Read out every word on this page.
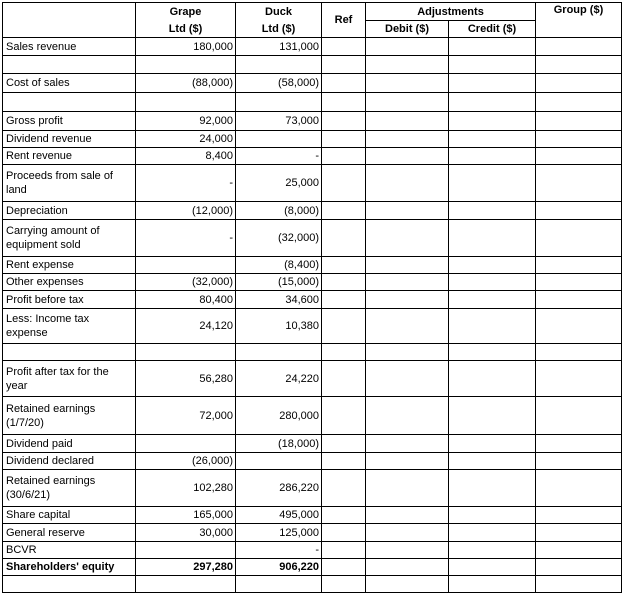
	Grape	Duck	Ref	Adjustments		Group ($)
	Ltd ($)	Ltd ($)		Debit ($)	Credit ($)	
Sales revenue	180,000	131,000				

Cost of sales	(88,000)	(58,000)				

Gross profit	92,000	73,000				
Dividend revenue	24,000					
Rent revenue	8,400	-				
Proceeds from sale of land	-	25,000				
Depreciation	(12,000)	(8,000)				
Carrying amount of equipment sold	-	(32,000)				
Rent expense		(8,400)				
Other expenses	(32,000)	(15,000)				
Profit before tax	80,400	34,600				
Less: Income tax expense	24,120	10,380				

Profit after tax for the year	56,280	24,220				
Retained earnings (1/7/20)	72,000	280,000				
Dividend paid		(18,000)				
Dividend declared	(26,000)					
Retained earnings (30/6/21)	102,280	286,220				
Share capital	165,000	495,000				
General reserve	30,000	125,000				
BCVR		-				
Shareholders' equity	297,280	906,220				
